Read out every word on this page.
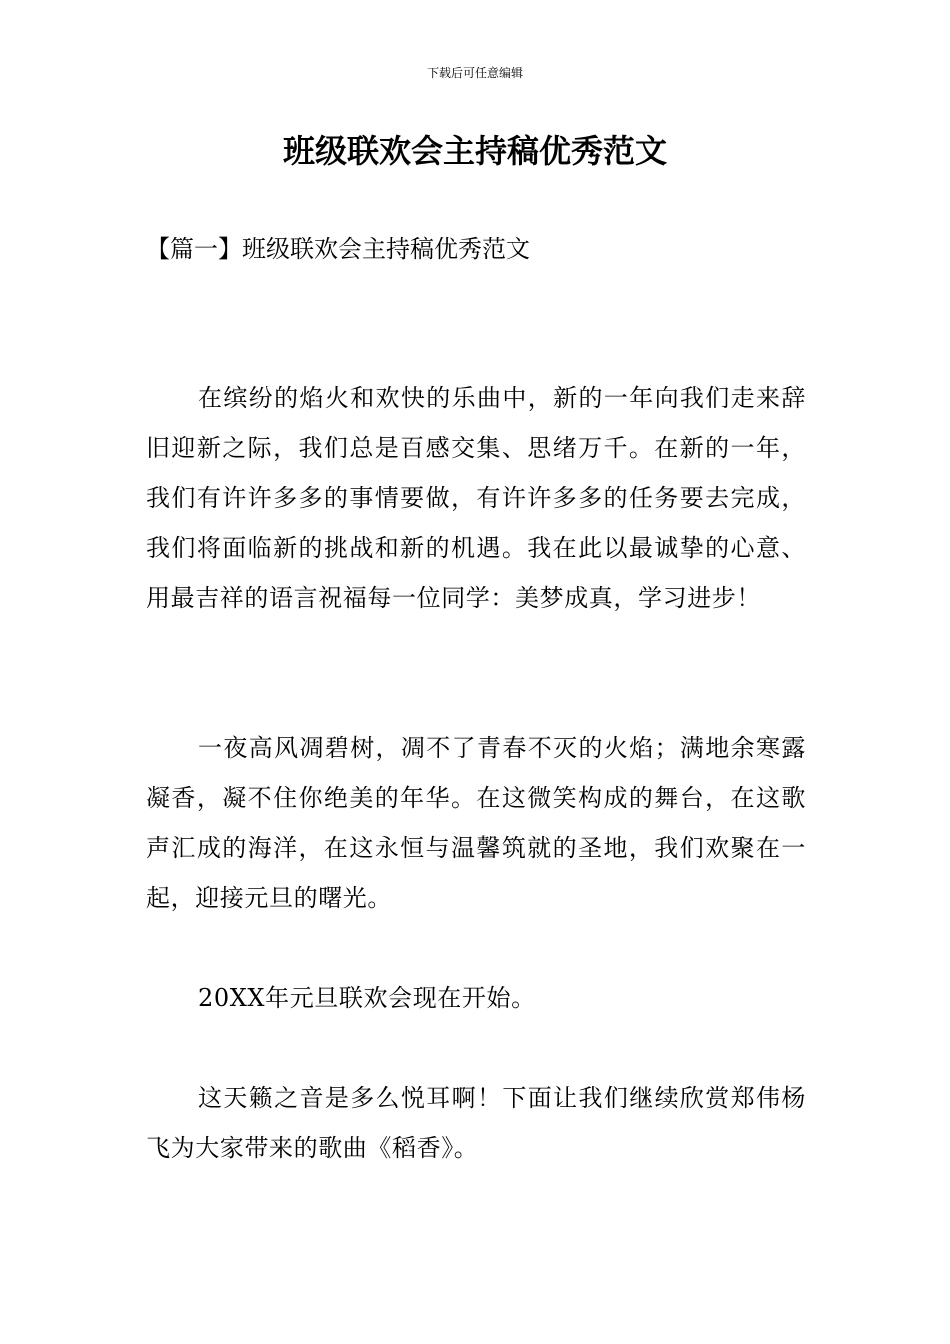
下载后可任意编辑
班级联欢会主持稿优秀范文
【篇一】班级联欢会主持稿优秀范文

在缤纷的焰火和欢快的乐曲中，新的一年向我们走来辞旧迎新之际，我们总是百感交集、思绪万千。在新的一年，我们有许许多多的事情要做，有许许多多的任务要去完成，我们将面临新的挑战和新的机遇。我在此以最诚挚的心意、用最吉祥的语言祝福每一位同学：美梦成真，学习进步！

一夜高风凋碧树，凋不了青春不灭的火焰；满地余寒露凝香，凝不住你绝美的年华。在这微笑构成的舞台，在这歌声汇成的海洋，在这永恒与温馨筑就的圣地，我们欢聚在一起，迎接元旦的曙光。

20XX年元旦联欢会现在开始。

这天籁之音是多么悦耳啊！下面让我们继续欣赏郑伟杨飞为大家带来的歌曲《稻香》。
